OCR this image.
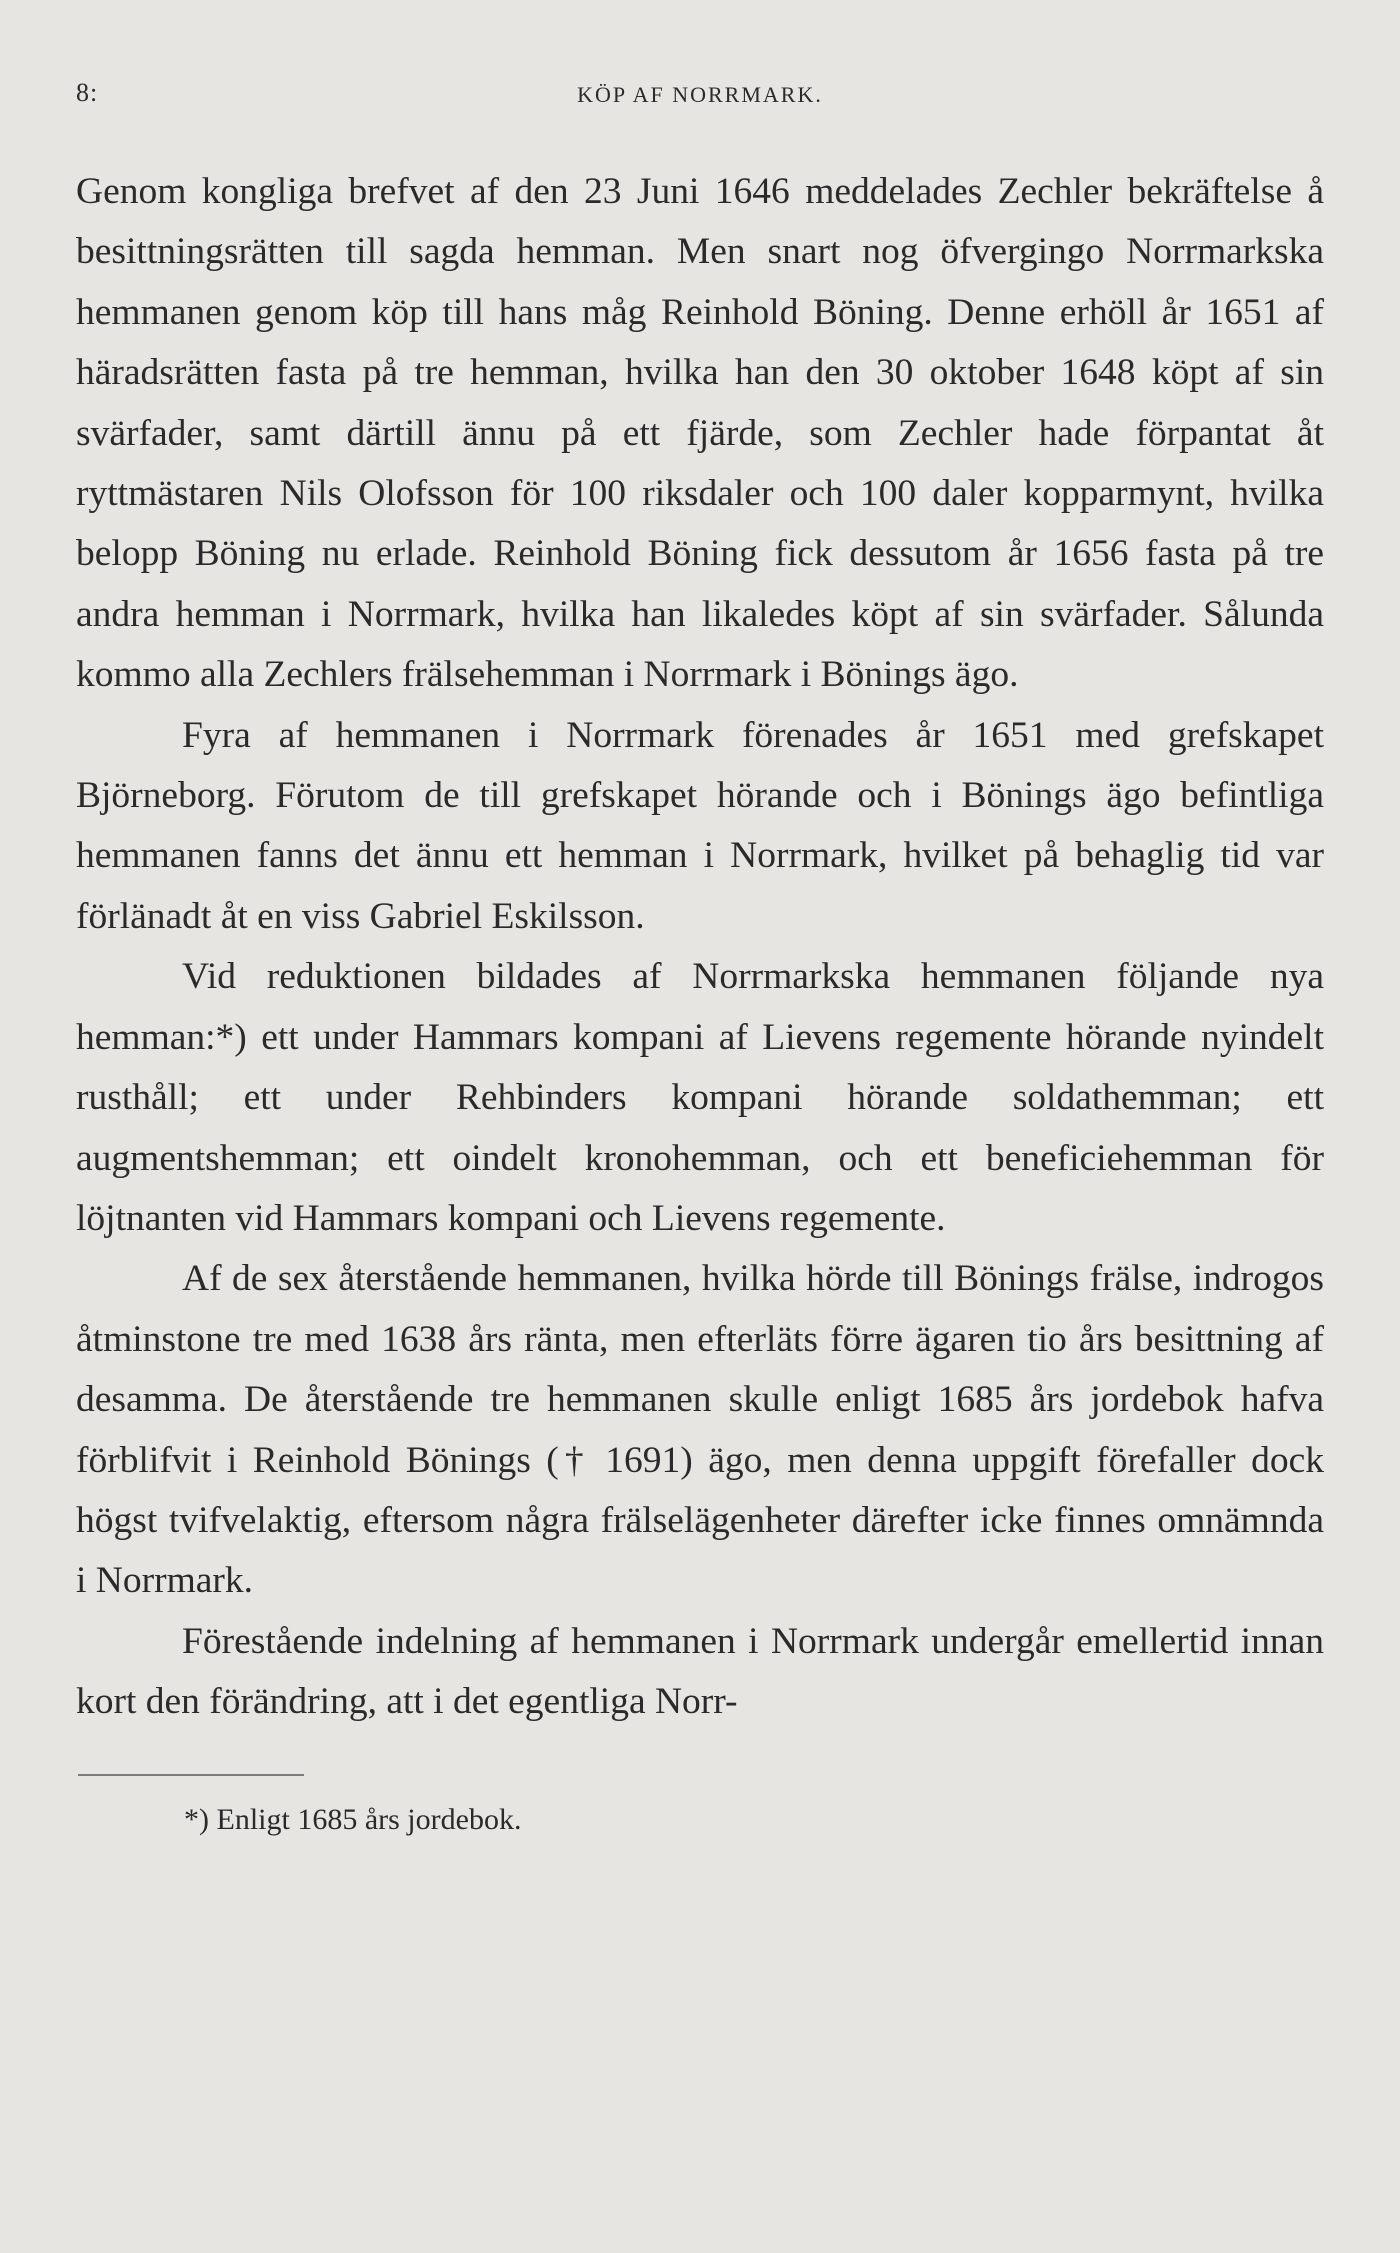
8:	KÖP AF NORRMARK.

Genom kongliga brefvet af den 23 Juni 1646 meddelades Zechler bekräftelse å besittningsrätten till sagda hemman. Men snart nog öfvergingo Norrmarkska hemmanen genom köp till hans måg Reinhold Böning. Denne erhöll år 1651 af häradsrätten fasta på tre hemman, hvilka han den 30 oktober 1648 köpt af sin svärfader, samt därtill ännu på ett fjärde, som Zechler hade förpantat åt ryttmästaren Nils Olofsson för 100 riksdaler och 100 daler kopparmynt, hvilka belopp Böning nu erlade. Reinhold Böning fick dessutom år 1656 fasta på tre andra hemman i Norrmark, hvilka han likaledes köpt af sin svärfader. Sålunda kommo alla Zechlers frälsehemman i Norrmark i Bönings ägo.

Fyra af hemmanen i Norrmark förenades år 1651 med grefskapet Björneborg. Förutom de till grefskapet hörande och i Bönings ägo befintliga hemmanen fanns det ännu ett hemman i Norrmark, hvilket på behaglig tid var förlänadt åt en viss Gabriel Eskilsson.

Vid reduktionen bildades af Norrmarkska hemmanen följande nya hemman:*) ett under Hammars kompani af Lievens regemente hörande nyindelt rusthåll; ett under Rehbinders kompani hörande soldathemman; ett augmentshemman; ett oindelt kronohemman, och ett beneficiehemman för löjtnanten vid Hammars kompani och Lievens regemente.

Af de sex återstående hemmanen, hvilka hörde till Bönings frälse, indrogos åtminstone tre med 1638 års ränta, men efterläts förre ägaren tio års besittning af desamma. De återstående tre hemmanen skulle enligt 1685 års jordebok hafva förblifvit i Reinhold Bönings († 1691) ägo, men denna uppgift förefaller dock högst tvifvelaktig, eftersom några frälselägenheter därefter icke finnes omnämnda i Norrmark.

Förestående indelning af hemmanen i Norrmark undergår emellertid innan kort den förändring, att i det egentliga Norr-

*) Enligt 1685 års jordebok.
